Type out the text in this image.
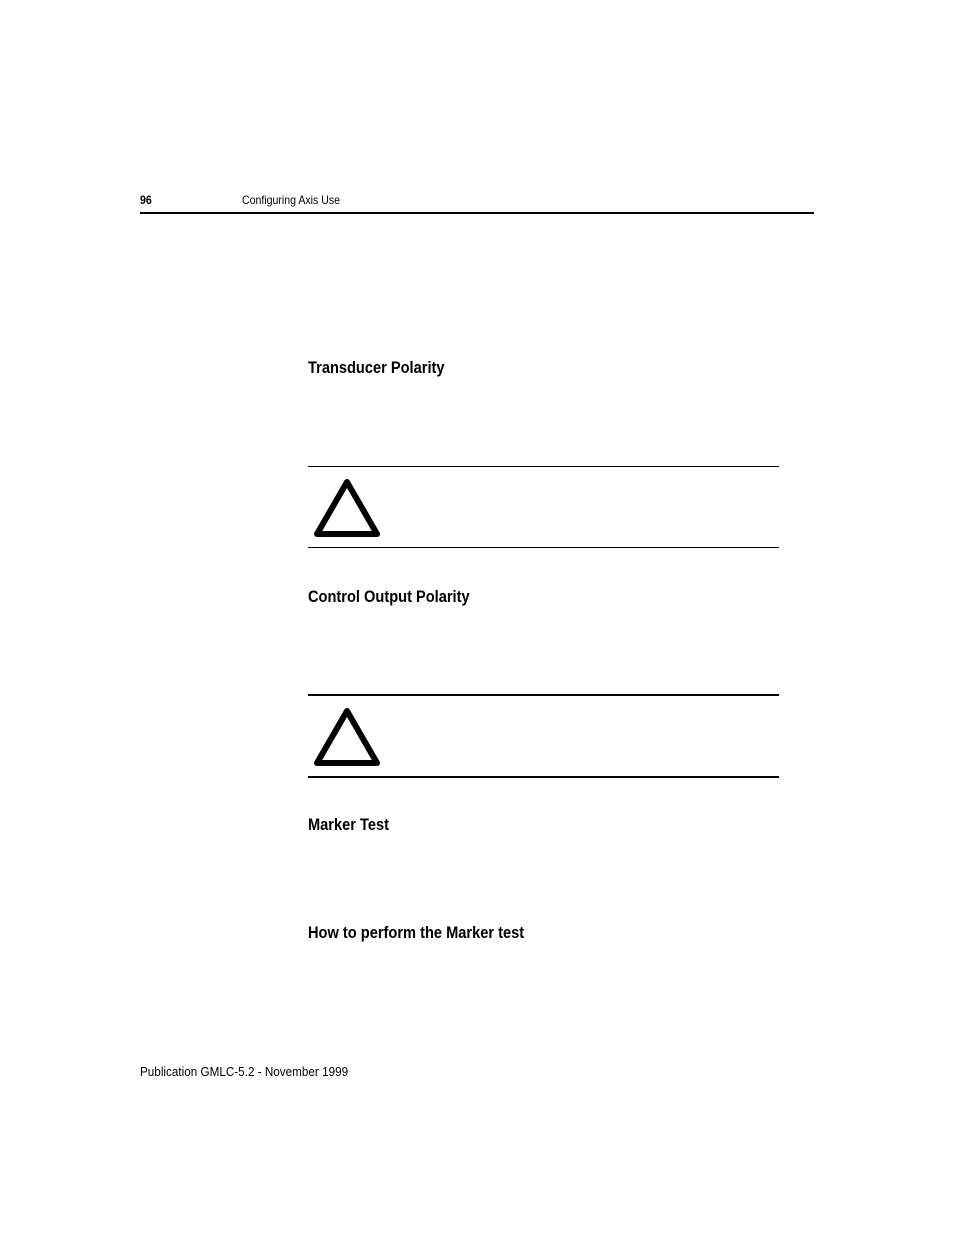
96	Configuring Axis Use
Transducer Polarity
Control Output Polarity
Marker Test
How to perform the Marker test
Publication GMLC-5.2 - November 1999
